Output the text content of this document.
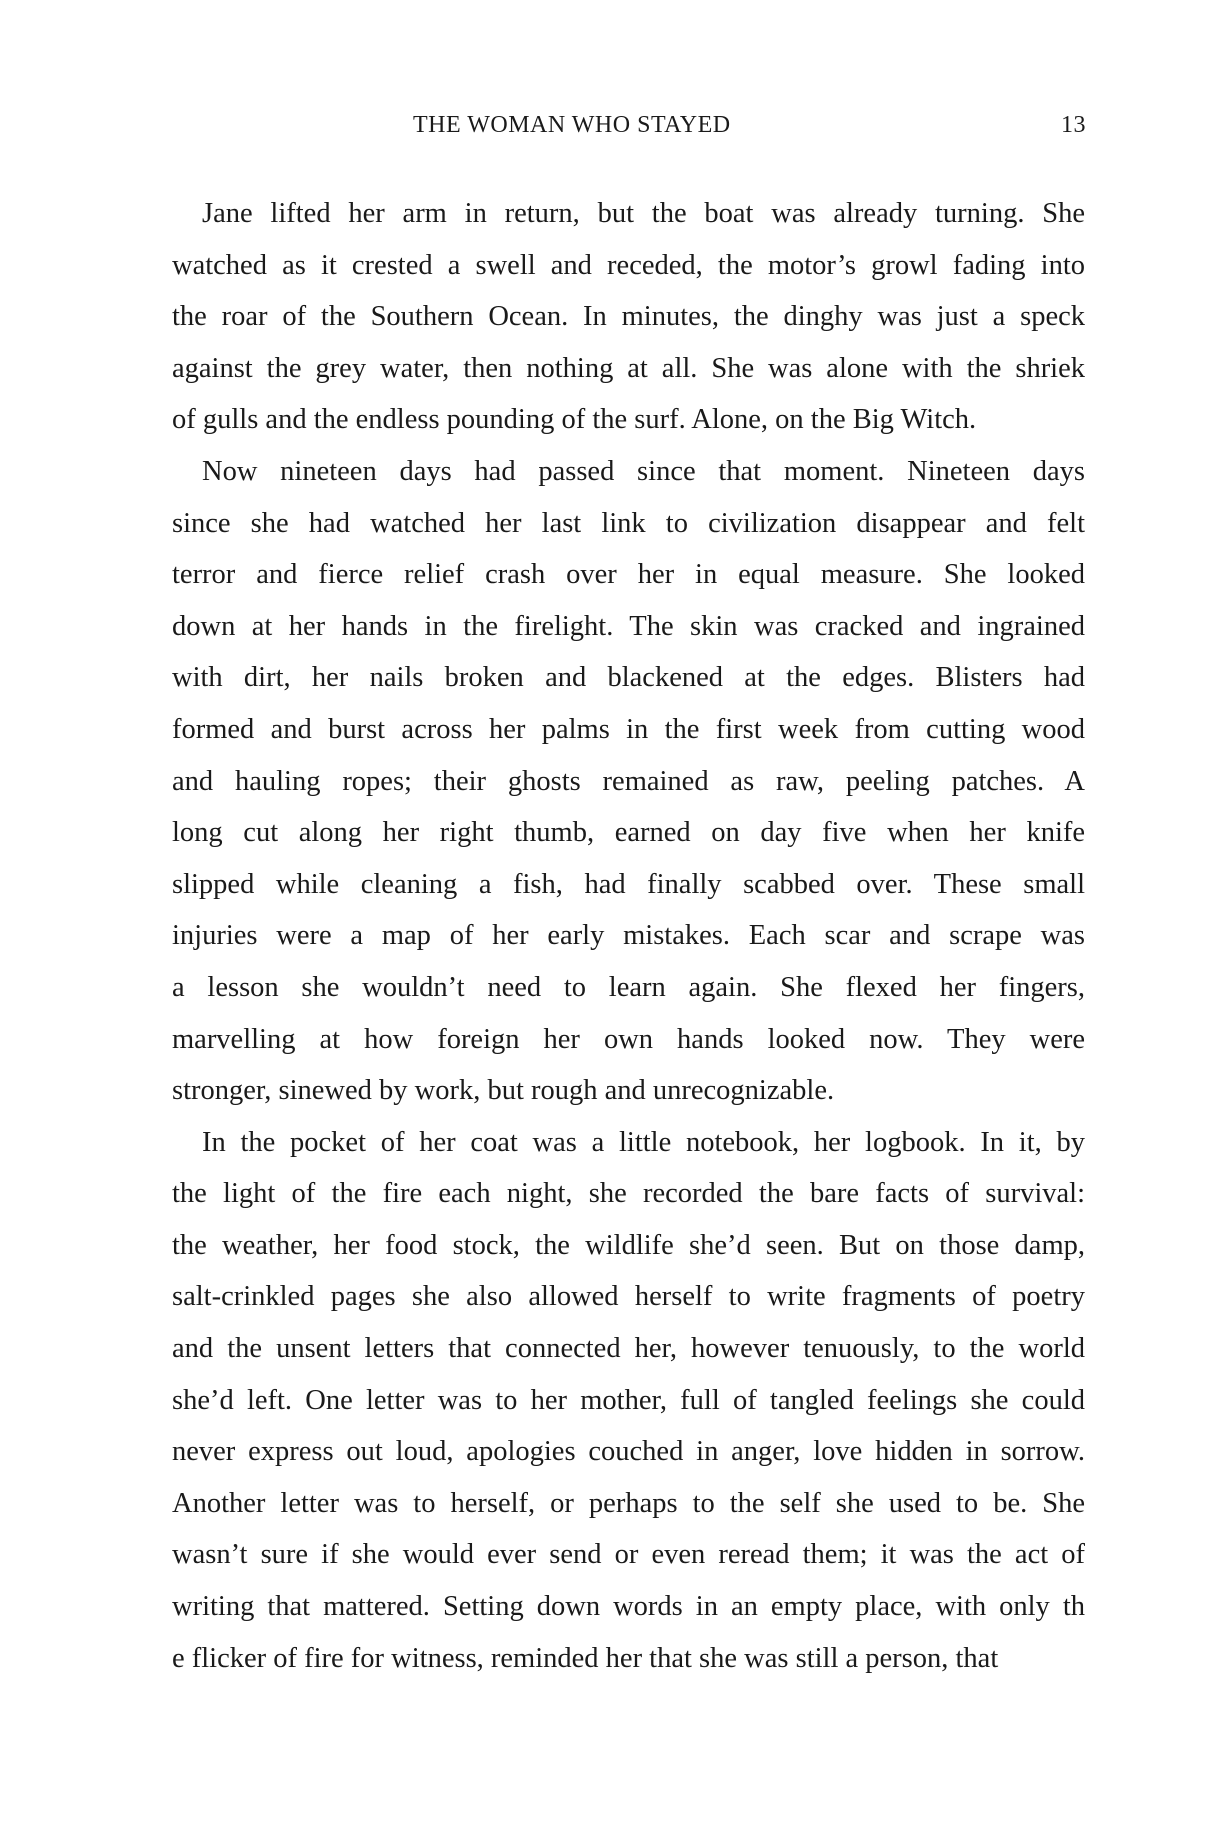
THE WOMAN WHO STAYED	13

Jane lifted her arm in return, but the boat was already turning. She
watched as it crested a swell and receded, the motor’s growl fading into
the roar of the Southern Ocean. In minutes, the dinghy was just a speck
against the grey water, then nothing at all. She was alone with the shriek
of gulls and the endless pounding of the surf. Alone, on the Big Witch.

Now nineteen days had passed since that moment. Nineteen days
since she had watched her last link to civilization disappear and felt
terror and fierce relief crash over her in equal measure. She looked
down at her hands in the firelight. The skin was cracked and ingrained
with dirt, her nails broken and blackened at the edges. Blisters had
formed and burst across her palms in the first week from cutting wood
and hauling ropes; their ghosts remained as raw, peeling patches. A
long cut along her right thumb, earned on day five when her knife
slipped while cleaning a fish, had finally scabbed over. These small
injuries were a map of her early mistakes. Each scar and scrape was
a lesson she wouldn’t need to learn again. She flexed her fingers,
marvelling at how foreign her own hands looked now. They were
stronger, sinewed by work, but rough and unrecognizable.

In the pocket of her coat was a little notebook, her logbook. In it, by
the light of the fire each night, she recorded the bare facts of survival:
the weather, her food stock, the wildlife she’d seen. But on those damp,
salt-crinkled pages she also allowed herself to write fragments of poetry
and the unsent letters that connected her, however tenuously, to the world
she’d left. One letter was to her mother, full of tangled feelings she could
never express out loud, apologies couched in anger, love hidden in sorrow.
Another letter was to herself, or perhaps to the self she used to be. She
wasn’t sure if she would ever send or even reread them; it was the act of
writing that mattered. Setting down words in an empty place, with only th
e flicker of fire for witness, reminded her that she was still a person, that
